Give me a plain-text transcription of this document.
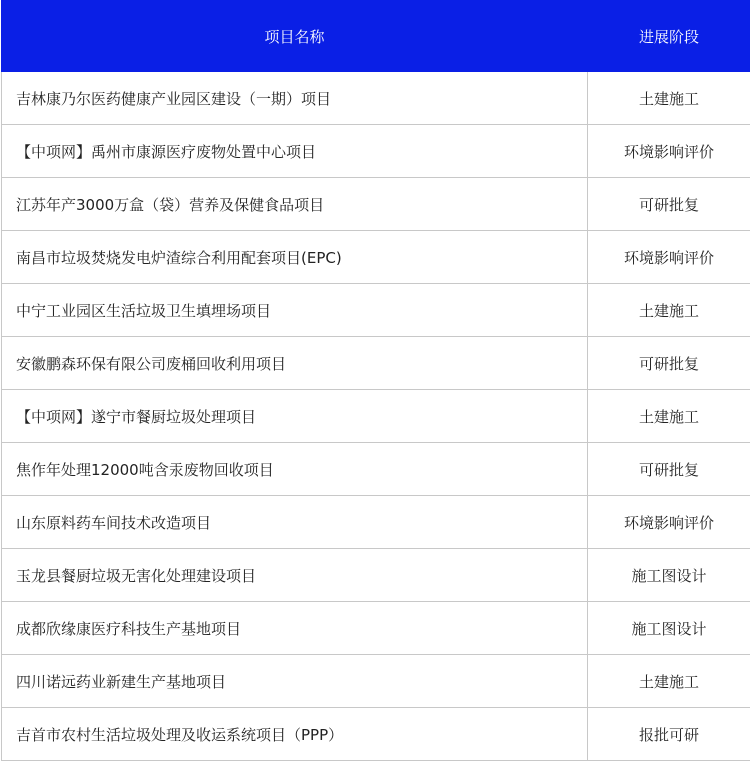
项目名称	进展阶段
吉林康乃尔医药健康产业园区建设（一期）项目	土建施工
【中项网】禹州市康源医疗废物处置中心项目	环境影响评价
江苏年产3000万盒（袋）营养及保健食品项目	可研批复
南昌市垃圾焚烧发电炉渣综合利用配套项目(EPC)	环境影响评价
中宁工业园区生活垃圾卫生填埋场项目	土建施工
安徽鹏森环保有限公司废桶回收利用项目	可研批复
【中项网】遂宁市餐厨垃圾处理项目	土建施工
焦作年处理12000吨含汞废物回收项目	可研批复
山东原料药车间技术改造项目	环境影响评价
玉龙县餐厨垃圾无害化处理建设项目	施工图设计
成都欣缘康医疗科技生产基地项目	施工图设计
四川诺远药业新建生产基地项目	土建施工
吉首市农村生活垃圾处理及收运系统项目（PPP）	报批可研
